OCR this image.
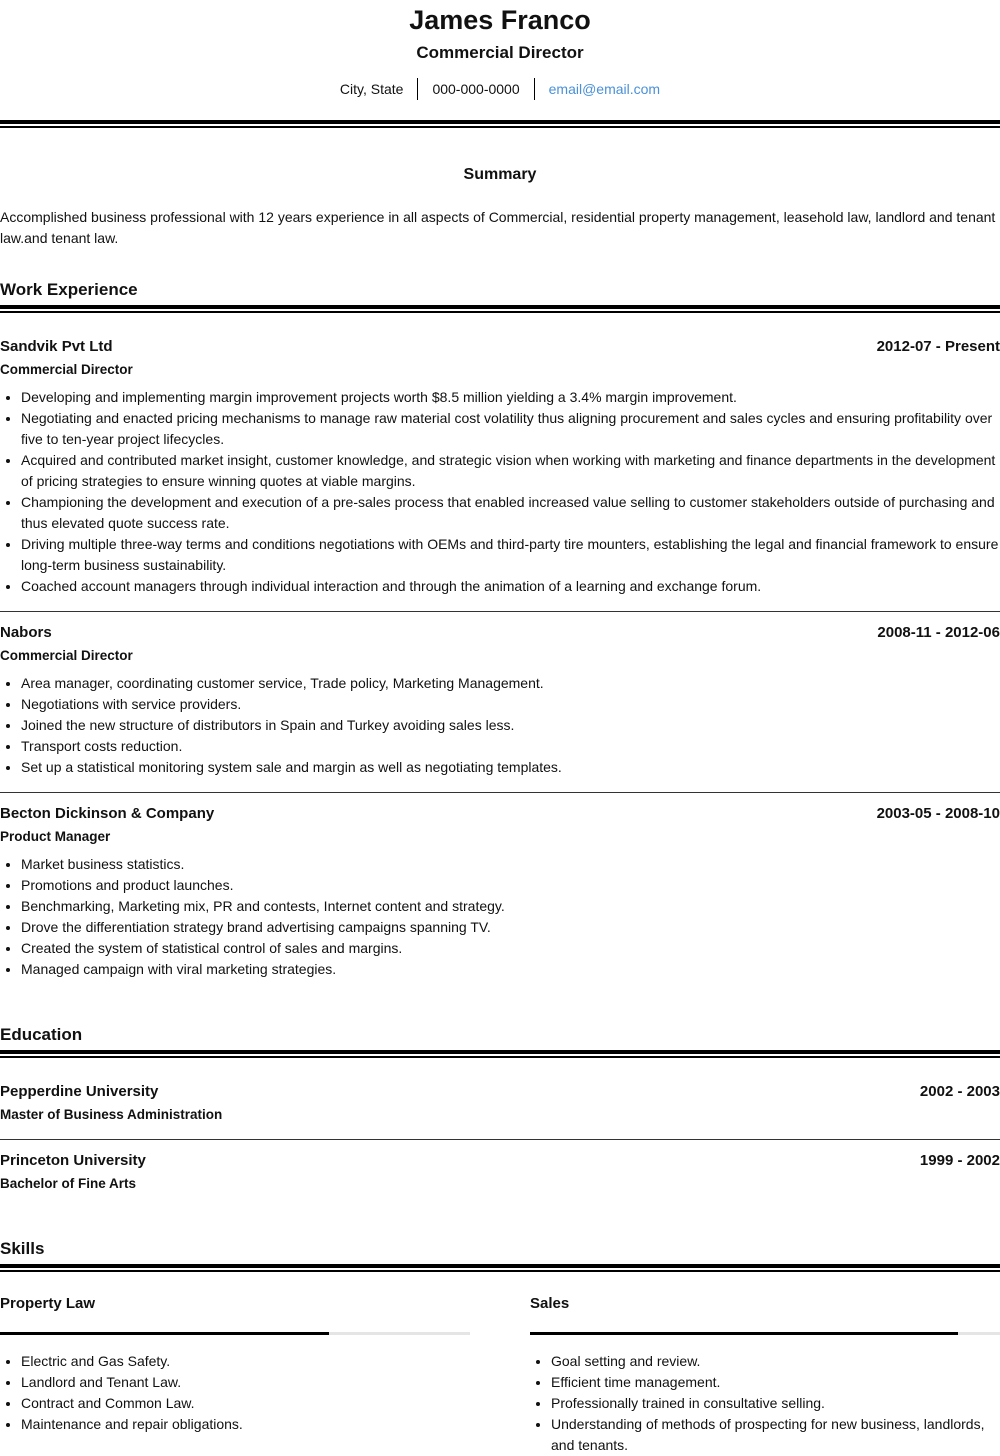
James Franco
Commercial Director
City, State	000-000-0000	email@email.com
Summary
Accomplished business professional with 12 years experience in all aspects of Commercial, residential property management, leasehold law, landlord and tenant law.and tenant law.
Work Experience
Sandvik Pvt Ltd	2012-07 - Present
Commercial Director
• Developing and implementing margin improvement projects worth $8.5 million yielding a 3.4% margin improvement.
• Negotiating and enacted pricing mechanisms to manage raw material cost volatility thus aligning procurement and sales cycles and ensuring profitability over five to ten-year project lifecycles.
• Acquired and contributed market insight, customer knowledge, and strategic vision when working with marketing and finance departments in the development of pricing strategies to ensure winning quotes at viable margins.
• Championing the development and execution of a pre-sales process that enabled increased value selling to customer stakeholders outside of purchasing and thus elevated quote success rate.
• Driving multiple three-way terms and conditions negotiations with OEMs and third-party tire mounters, establishing the legal and financial framework to ensure long-term business sustainability.
• Coached account managers through individual interaction and through the animation of a learning and exchange forum.
Nabors	2008-11 - 2012-06
Commercial Director
• Area manager, coordinating customer service, Trade policy, Marketing Management.
• Negotiations with service providers.
• Joined the new structure of distributors in Spain and Turkey avoiding sales less.
• Transport costs reduction.
• Set up a statistical monitoring system sale and margin as well as negotiating templates.
Becton Dickinson & Company	2003-05 - 2008-10
Product Manager
• Market business statistics.
• Promotions and product launches.
• Benchmarking, Marketing mix, PR and contests, Internet content and strategy.
• Drove the differentiation strategy brand advertising campaigns spanning TV.
• Created the system of statistical control of sales and margins.
• Managed campaign with viral marketing strategies.
Education
Pepperdine University	2002 - 2003
Master of Business Administration
Princeton University	1999 - 2002
Bachelor of Fine Arts
Skills
Property Law
• Electric and Gas Safety.
• Landlord and Tenant Law.
• Contract and Common Law.
• Maintenance and repair obligations.
Sales
• Goal setting and review.
• Efficient time management.
• Professionally trained in consultative selling.
• Understanding of methods of prospecting for new business, landlords, and tenants.
